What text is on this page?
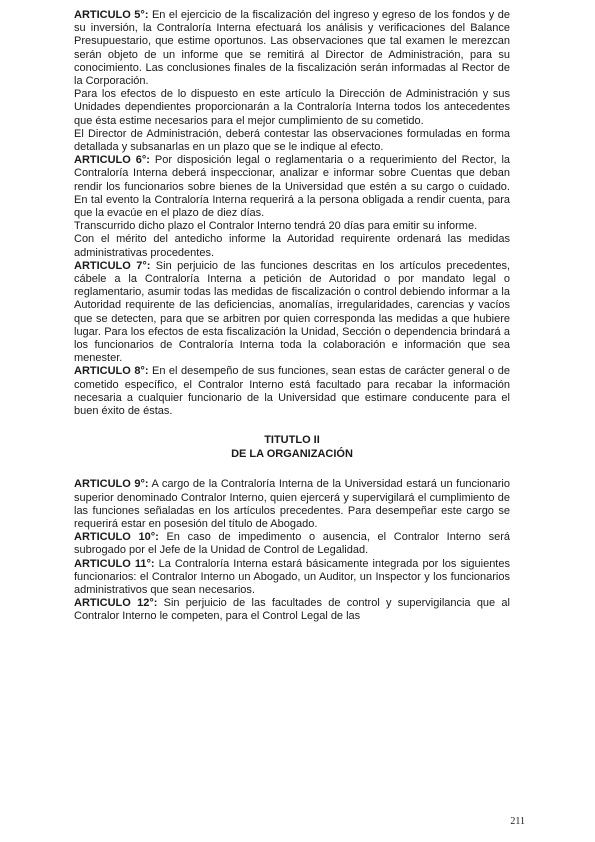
ARTICULO 5°: En el ejercicio de la fiscalización del ingreso y egreso de los fondos y de su inversión, la Contraloría Interna efectuará los análisis y verificaciones del Balance Presupuestario, que estime oportunos. Las observaciones que tal examen le merezcan serán objeto de un informe que se remitirá al Director de Administración, para su conocimiento. Las conclusiones finales de la fiscalización serán informadas al Rector de la Corporación.

Para los efectos de lo dispuesto en este artículo la Dirección de Administración y sus Unidades dependientes proporcionarán a la Contraloría Interna todos los antecedentes que ésta estime necesarios para el mejor cumplimiento de su cometido.

El Director de Administración, deberá contestar las observaciones formuladas en forma detallada y subsanarlas en un plazo que se le indique al efecto.

ARTICULO 6°: Por disposición legal o reglamentaria o a requerimiento del Rector, la Contraloría Interna deberá inspeccionar, analizar e informar sobre Cuentas que deban rendir los funcionarios sobre bienes de la Universidad que estén a su cargo o cuidado. En tal evento la Contraloría Interna requerirá a la persona obligada a rendir cuenta, para que la evacúe en el plazo de diez días.

Transcurrido dicho plazo el Contralor Interno tendrá 20 días para emitir su informe.

Con el mérito del antedicho informe la Autoridad requirente ordenará las medidas administrativas procedentes.

ARTICULO 7°: Sin perjuicio de las funciones descritas en los artículos precedentes, cábele a la Contraloría Interna a petición de Autoridad o por mandato legal o reglamentario, asumir todas las medidas de fiscalización o control debiendo informar a la Autoridad requirente de las deficiencias, anomalías, irregularidades, carencias y vacíos que se detecten, para que se arbitren por quien corresponda las medidas a que hubiere lugar. Para los efectos de esta fiscalización la Unidad, Sección o dependencia brindará a los funcionarios de Contraloría Interna toda la colaboración e información que sea menester.

ARTICULO 8°: En el desempeño de sus funciones, sean estas de carácter general o de cometido específico, el Contralor Interno está facultado para recabar la información necesaria a cualquier funcionario de la Universidad que estimare conducente para el buen éxito de éstas.

TITUTLO II
DE LA ORGANIZACIÓN

ARTICULO 9°: A cargo de la Contraloría Interna de la Universidad estará un funcionario superior denominado Contralor Interno, quien ejercerá y supervigilará el cumplimiento de las funciones señaladas en los artículos precedentes. Para desempeñar este cargo se requerirá estar en posesión del título de Abogado.

ARTICULO 10°: En caso de impedimento o ausencia, el Contralor Interno será subrogado por el Jefe de la Unidad de Control de Legalidad.

ARTICULO 11°: La Contraloría Interna estará básicamente integrada por los siguientes funcionarios: el Contralor Interno un Abogado, un Auditor, un Inspector y los funcionarios administrativos que sean necesarios.

ARTICULO 12°: Sin perjuicio de las facultades de control y supervigilancia que al Contralor Interno le competen, para el Control Legal de las

211
